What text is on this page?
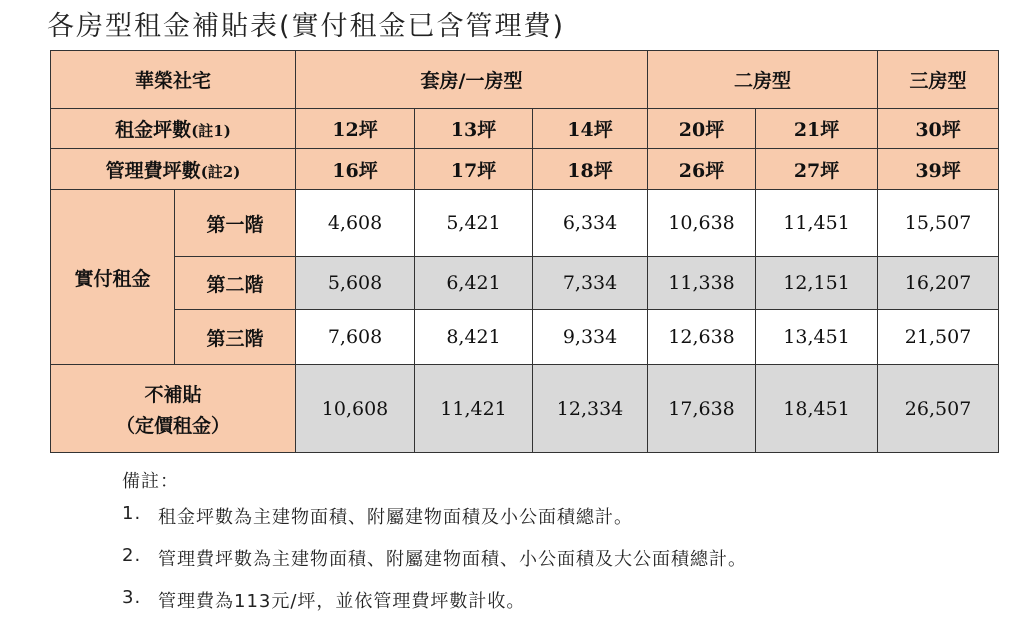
各房型租金補貼表(實付租金已含管理費)
華榮社宅		套房/一房型			二房型		三房型
租金坪數(註1)		12坪	13坪	14坪	20坪	21坪	30坪
管理費坪數(註2)		16坪	17坪	18坪	26坪	27坪	39坪
實付租金	第一階	4,608	5,421	6,334	10,638	11,451	15,507
	第二階	5,608	6,421	7,334	11,338	12,151	16,207
	第三階	7,608	8,421	9,334	12,638	13,451	21,507

不補貼
（定價租金）		10,608	11,421	12,334	17,638	18,451	26,507
備註：
1. 租金坪數為主建物面積、附屬建物面積及小公面積總計。
2. 管理費坪數為主建物面積、附屬建物面積、小公面積及大公面積總計。
3. 管理費為113元/坪，並依管理費坪數計收。
